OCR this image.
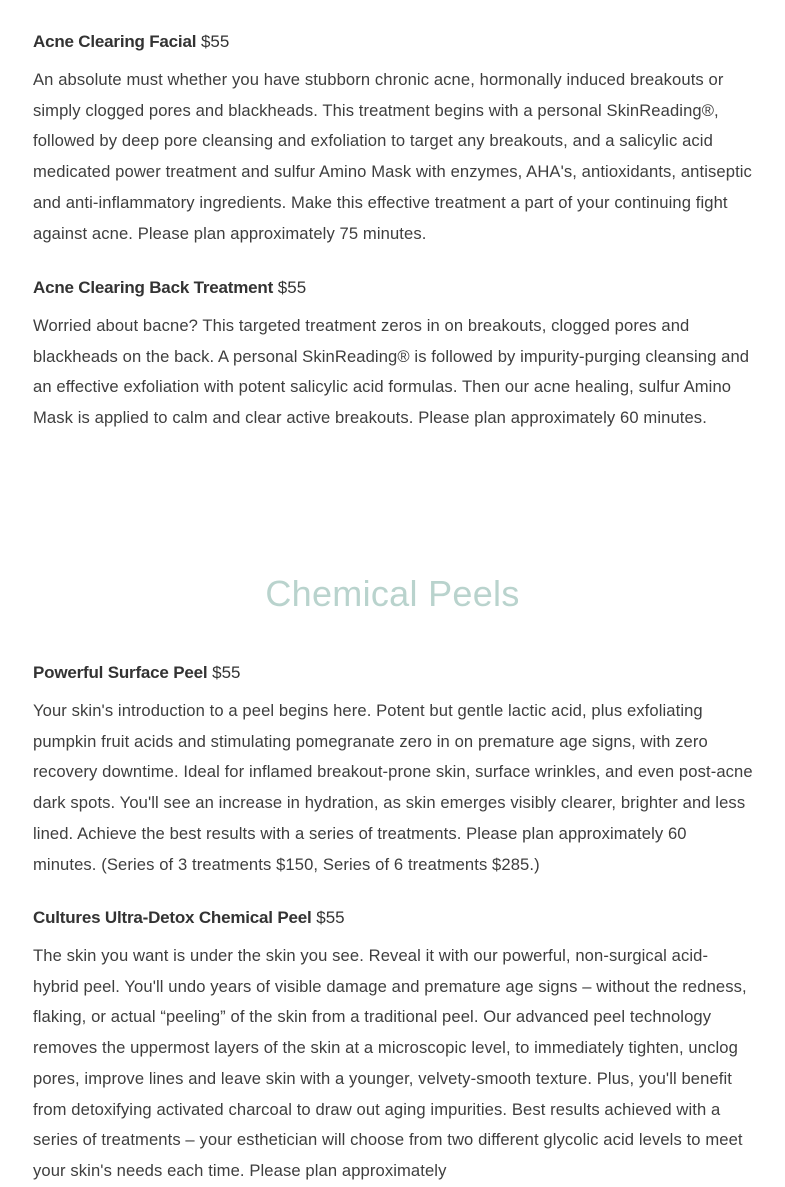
Acne Clearing Facial $55

An absolute must whether you have stubborn chronic acne, hormonally induced breakouts or simply clogged pores and blackheads. This treatment begins with a personal SkinReading®, followed by deep pore cleansing and exfoliation to target any breakouts, and a salicylic acid medicated power treatment and sulfur Amino Mask with enzymes, AHA's, antioxidants, antiseptic and anti-inflammatory ingredients. Make this effective treatment a part of your continuing fight against acne. Please plan approximately 75 minutes.

Acne Clearing Back Treatment $55

Worried about bacne? This targeted treatment zeros in on breakouts, clogged pores and blackheads on the back. A personal SkinReading® is followed by impurity-purging cleansing and an effective exfoliation with potent salicylic acid formulas. Then our acne healing, sulfur Amino Mask is applied to calm and clear active breakouts. Please plan approximately 60 minutes.

Powerful Surface Peel $55

Your skin's introduction to a peel begins here. Potent but gentle lactic acid, plus exfoliating pumpkin fruit acids and stimulating pomegranate zero in on premature age signs, with zero recovery downtime. Ideal for inflamed breakout-prone skin, surface wrinkles, and even post-acne dark spots. You'll see an increase in hydration, as skin emerges visibly clearer, brighter and less lined. Achieve the best results with a series of treatments. Please plan approximately 60 minutes. (Series of 3 treatments $150, Series of 6 treatments $285.)

Cultures Ultra-Detox Chemical Peel $55

The skin you want is under the skin you see. Reveal it with our powerful, non-surgical acid-hybrid peel. You'll undo years of visible damage and premature age signs – without the redness, flaking, or actual “peeling” of the skin from a traditional peel. Our advanced peel technology removes the uppermost layers of the skin at a microscopic level, to immediately tighten, unclog pores, improve lines and leave skin with a younger, velvety-smooth texture. Plus, you'll benefit from detoxifying activated charcoal to draw out aging impurities. Best results achieved with a series of treatments – your esthetician will choose from two different glycolic acid levels to meet your skin's needs each time. Please plan approximately

Chemical Peels
